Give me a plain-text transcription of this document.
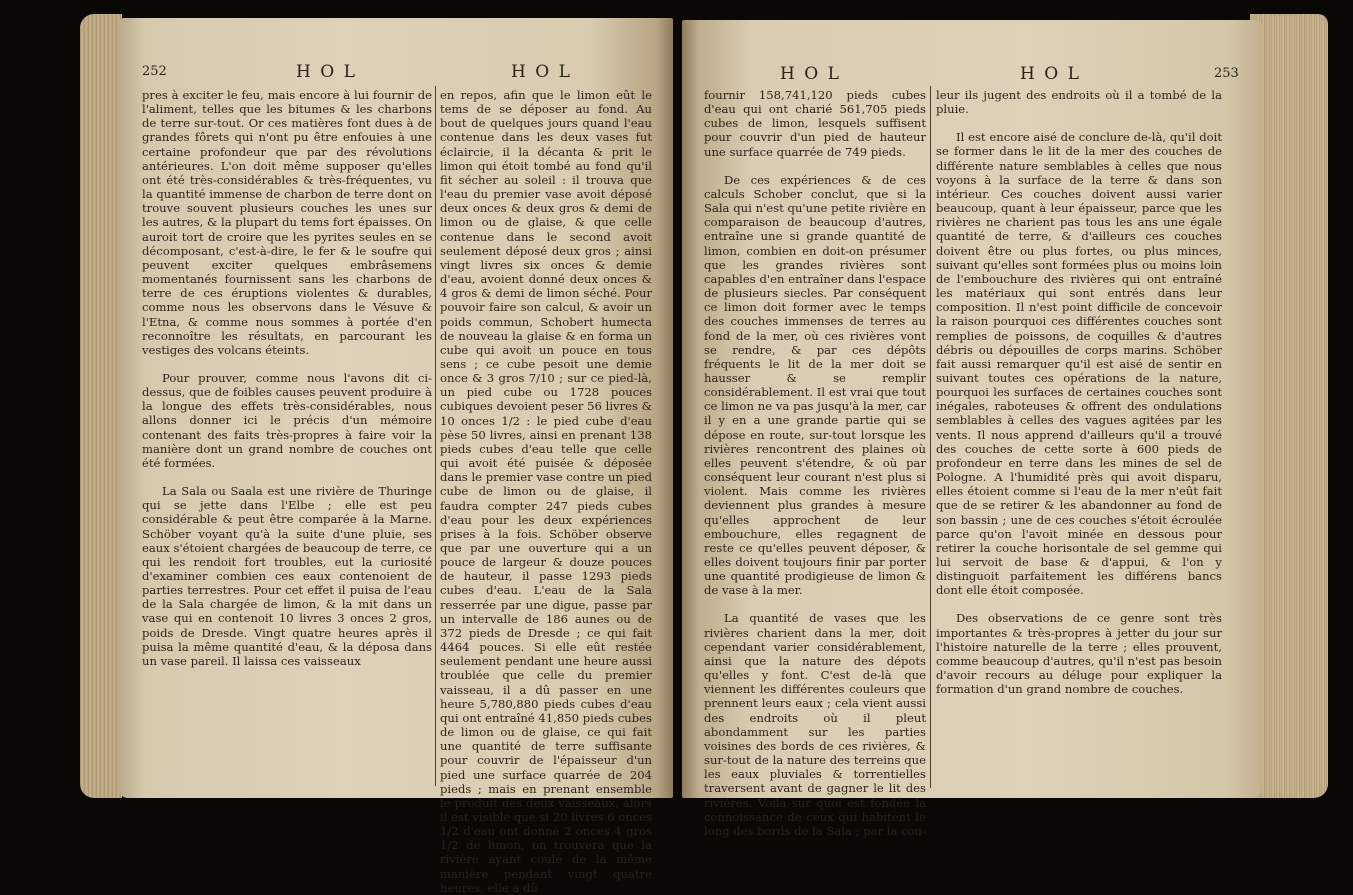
252	H O L	H O L

pres à exciter le feu, mais encore à lui fournir de l'aliment, telles que les bitumes & les charbons de terre sur-tout. Or ces matières font dues à de grandes fôrets qui n'ont pu être enfouies à une certaine profondeur que par des révolutions antérieures. L'on doit même supposer qu'elles ont été très-considérables & très-fréquentes, vu la quantité immense de charbon de terre dont on trouve souvent plusieurs couches les unes sur les autres, & la plupart du tems fort épaisses. On auroit tort de croire que les pyrites seules en se décomposant, c'est-à-dire, le fer & le soufre qui peuvent exciter quelques embrâsemens momentanés fournissent sans les charbons de terre de ces éruptions violentes & durables, comme nous les observons dans le Vésuve & l'Etna, & comme nous sommes à portée d'en reconnoître les résultats, en parcourant les vestiges des volcans éteints.

Pour prouver, comme nous l'avons dit ci-dessus, que de foibles causes peuvent produire à la longue des effets très-considérables, nous allons donner ici le précis d'un mémoire contenant des faits très-propres à faire voir la manière dont un grand nombre de couches ont été formées.

La Sala ou Saala est une rivière de Thuringe qui se jette dans l'Elbe ; elle est peu considérable & peut être comparée à la Marne. Schöber voyant qu'à la suite d'une pluie, ses eaux s'étoient chargées de beaucoup de terre, ce qui les rendoit fort troubles, eut la curiosité d'examiner combien ces eaux contenoient de parties terrestres. Pour cet effet il puisa de l'eau de la Sala chargée de limon, & la mit dans un vase qui en contenoit 10 livres 3 onces 2 gros, poids de Dresde. Vingt quatre heures après il puisa la même quantité d'eau, & la déposa dans un vase pareil. Il laissa ces vaisseaux

en repos, afin que le limon eût le tems de se déposer au fond. Au bout de quelques jours quand l'eau contenue dans les deux vases fut éclaircie, il la décanta & prit le limon qui étoit tombé au fond qu'il fit sécher au soleil : il trouva que l'eau du premier vase avoit déposé deux onces & deux gros & demi de limon ou de glaise, & que celle contenue dans le second avoit seulement déposé deux gros ; ainsi vingt livres six onces & demie d'eau, avoient donné deux onces & 4 gros & demi de limon séché. Pour pouvoir faire son calcul, & avoir un poids commun, Schobert humecta de nouveau la glaise & en forma un cube qui avoit un pouce en tous sens ; ce cube pesoit une demie once & 3 gros 7/10 ; sur ce pied-là, un pied cube ou 1728 pouces cubiques devoient peser 56 livres & 10 onces 1/2 : le pied cube d'eau pèse 50 livres, ainsi en prenant 138 pieds cubes d'eau telle que celle qui avoit été puisée & déposée dans le premier vase contre un pied cube de limon ou de glaise, il faudra compter 247 pieds cubes d'eau pour les deux expériences prises à la fois. Schöber observe que par une ouverture qui a un pouce de largeur & douze pouces de hauteur, il passe 1293 pieds cubes d'eau. L'eau de la Sala resserrée par une digue, passe par un intervalle de 186 aunes ou de 372 pieds de Dresde ; ce qui fait 4464 pouces. Si elle eût restée seulement pendant une heure aussi troublée que celle du premier vaisseau, il a dû passer en une heure 5,780,880 pieds cubes d'eau qui ont entraîné 41,850 pieds cubes de limon ou de glaise, ce qui fait une quantité de terre suffisante pour couvrir de l'épaisseur d'un pied une surface quarrée de 204 pieds ; mais en prenant ensemble le produit des deux vaisseaux, alors il est visible que si 20 livres 6 onces 1/2 d'eau ont donné 2 onces 4 gros 1/2 de limon, on trouvera que la rivière ayant coulé de la même manière pendant vingt quatre heures, elle a dû

H O L	H O L	253

fournir 158,741,120 pieds cubes d'eau qui ont charié 561,705 pieds cubes de limon, lesquels suffisent pour couvrir d'un pied de hauteur une surface quarrée de 749 pieds.

De ces expériences & de ces calculs Schober conclut, que si la Sala qui n'est qu'une petite rivière en comparaison de beaucoup d'autres, entraîne une si grande quantité de limon, combien en doit-on présumer que les grandes rivières sont capables d'en entraîner dans l'espace de plusieurs siecles. Par conséquent ce limon doit former avec le temps des couches immenses de terres au fond de la mer, où ces rivières vont se rendre, & par ces dépôts fréquents le lit de la mer doit se hausser & se remplir considérablement. Il est vrai que tout ce limon ne va pas jusqu'à la mer, car il y en a une grande partie qui se dépose en route, sur-tout lorsque les rivières rencontrent des plaines où elles peuvent s'étendre, & où par conséquent leur courant n'est plus si violent. Mais comme les rivières deviennent plus grandes à mesure qu'elles approchent de leur embouchure, elles regagnent de reste ce qu'elles peuvent déposer, & elles doivent toujours finir par porter une quantité prodigieuse de limon & de vase à la mer.

La quantité de vases que les rivières charient dans la mer, doit cependant varier considérablement, ainsi que la nature des dépots qu'elles y font. C'est de-là que viennent les différentes couleurs que prennent leurs eaux ; cela vient aussi des endroits où il pleut abondamment sur les parties voisines des bords de ces rivières, & sur-tout de la nature des terreins que les eaux pluviales & torrentielles traversent avant de gagner le lit des rivières. Voilà sur quoi est fondée la connoissance de ceux qui habitent le long des bords de la Sala ; par la cou-

leur ils jugent des endroits où il a tombé de la pluie.

Il est encore aisé de conclure de-là, qu'il doit se former dans le lit de la mer des couches de différente nature semblables à celles que nous voyons à la surface de la terre & dans son intérieur. Ces couches doivent aussi varier beaucoup, quant à leur épaisseur, parce que les rivières ne charient pas tous les ans une égale quantité de terre, & d'ailleurs ces couches doivent être ou plus fortes, ou plus minces, suivant qu'elles sont formées plus ou moins loin de l'embouchure des rivières qui ont entraîné les matériaux qui sont entrés dans leur composition. Il n'est point difficile de concevoir la raison pourquoi ces différentes couches sont remplies de poissons, de coquilles & d'autres débris ou dépouilles de corps marins. Schöber fait aussi remarquer qu'il est aisé de sentir en suivant toutes ces opérations de la nature, pourquoi les surfaces de certaines couches sont inégales, raboteuses & offrent des ondulations semblables à celles des vagues agitées par les vents. Il nous apprend d'ailleurs qu'il a trouvé des couches de cette sorte à 600 pieds de profondeur en terre dans les mines de sel de Pologne. A l'humidité près qui avoit disparu, elles étoient comme si l'eau de la mer n'eût fait que de se retirer & les abandonner au fond de son bassin ; une de ces couches s'étoit écroulée parce qu'on l'avoit minée en dessous pour retirer la couche horisontale de sel gemme qui lui servoit de base & d'appui, & l'on y distinguoit parfaitement les différens bancs dont elle étoit composée.

Des observations de ce genre sont très importantes & très-propres à jetter du jour sur l'histoire naturelle de la terre ; elles prouvent, comme beaucoup d'autres, qu'il n'est pas besoin d'avoir recours au déluge pour expliquer la formation d'un grand nombre de couches.
